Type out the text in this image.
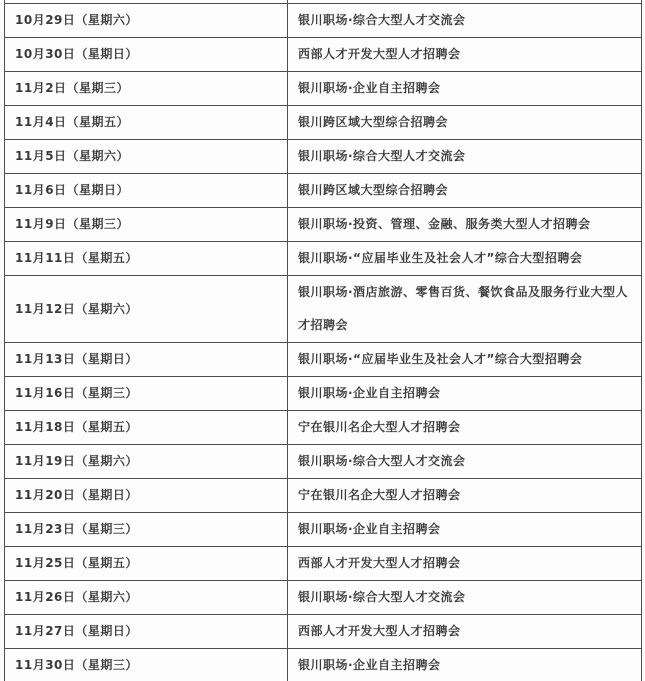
10月29日（星期六）	银川职场·综合大型人才交流会
10月30日（星期日）	西部人才开发大型人才招聘会
11月2日（星期三）	银川职场·企业自主招聘会
11月4日（星期五）	银川跨区域大型综合招聘会
11月5日（星期六）	银川职场·综合大型人才交流会
11月6日（星期日）	银川跨区域大型综合招聘会
11月9日（星期三）	银川职场·投资、管理、金融、服务类大型人才招聘会
11月11日（星期五）	银川职场·“应届毕业生及社会人才”综合大型招聘会
11月12日（星期六）	银川职场·酒店旅游、零售百货、餐饮食品及服务行业大型人才招聘会
11月13日（星期日）	银川职场·“应届毕业生及社会人才”综合大型招聘会
11月16日（星期三）	银川职场·企业自主招聘会
11月18日（星期五）	宁在银川名企大型人才招聘会
11月19日（星期六）	银川职场·综合大型人才交流会
11月20日（星期日）	宁在银川名企大型人才招聘会
11月23日（星期三）	银川职场·企业自主招聘会
11月25日（星期五）	西部人才开发大型人才招聘会
11月26日（星期六）	银川职场·综合大型人才交流会
11月27日（星期日）	西部人才开发大型人才招聘会
11月30日（星期三）	银川职场·企业自主招聘会
